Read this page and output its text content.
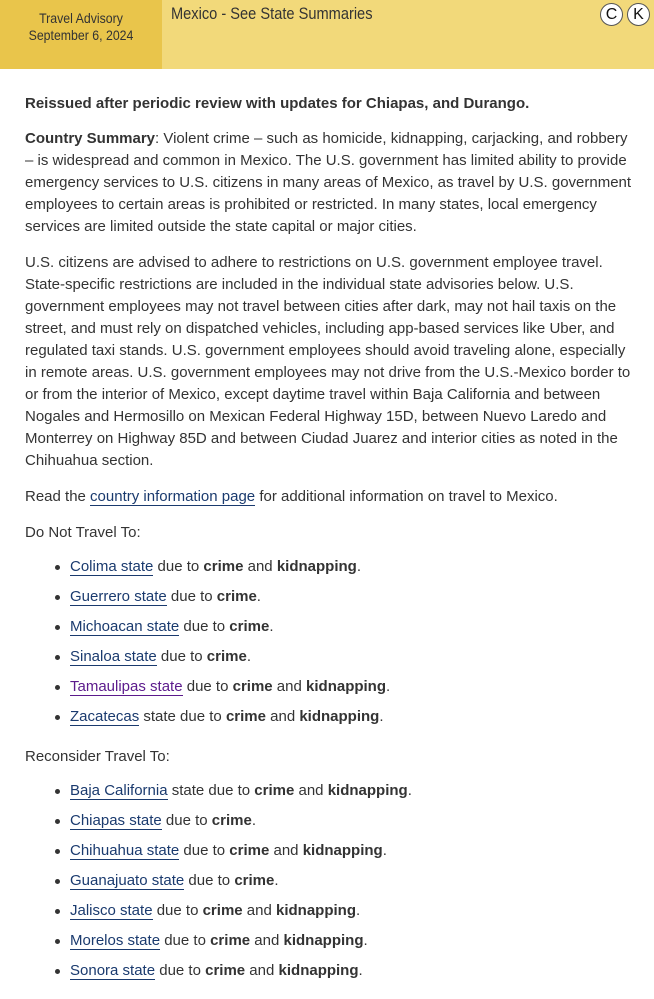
Travel Advisory
September 6, 2024
Mexico - See State Summaries	C K

Reissued after periodic review with updates for Chiapas, and Durango.

Country Summary: Violent crime – such as homicide, kidnapping, carjacking, and robbery – is widespread and common in Mexico. The U.S. government has limited ability to provide emergency services to U.S. citizens in many areas of Mexico, as travel by U.S. government employees to certain areas is prohibited or restricted. In many states, local emergency services are limited outside the state capital or major cities.

U.S. citizens are advised to adhere to restrictions on U.S. government employee travel. State-specific restrictions are included in the individual state advisories below. U.S. government employees may not travel between cities after dark, may not hail taxis on the street, and must rely on dispatched vehicles, including app-based services like Uber, and regulated taxi stands. U.S. government employees should avoid traveling alone, especially in remote areas. U.S. government employees may not drive from the U.S.-Mexico border to or from the interior of Mexico, except daytime travel within Baja California and between Nogales and Hermosillo on Mexican Federal Highway 15D, between Nuevo Laredo and Monterrey on Highway 85D and between Ciudad Juarez and interior cities as noted in the Chihuahua section.

Read the country information page for additional information on travel to Mexico.

Do Not Travel To:
Colima state due to crime and kidnapping.
Guerrero state due to crime.
Michoacan state due to crime.
Sinaloa state due to crime.
Tamaulipas state due to crime and kidnapping.
Zacatecas state due to crime and kidnapping.
Reconsider Travel To:
Baja California state due to crime and kidnapping.
Chiapas state due to crime.
Chihuahua state due to crime and kidnapping.
Guanajuato state due to crime.
Jalisco state due to crime and kidnapping.
Morelos state due to crime and kidnapping.
Sonora state due to crime and kidnapping.
